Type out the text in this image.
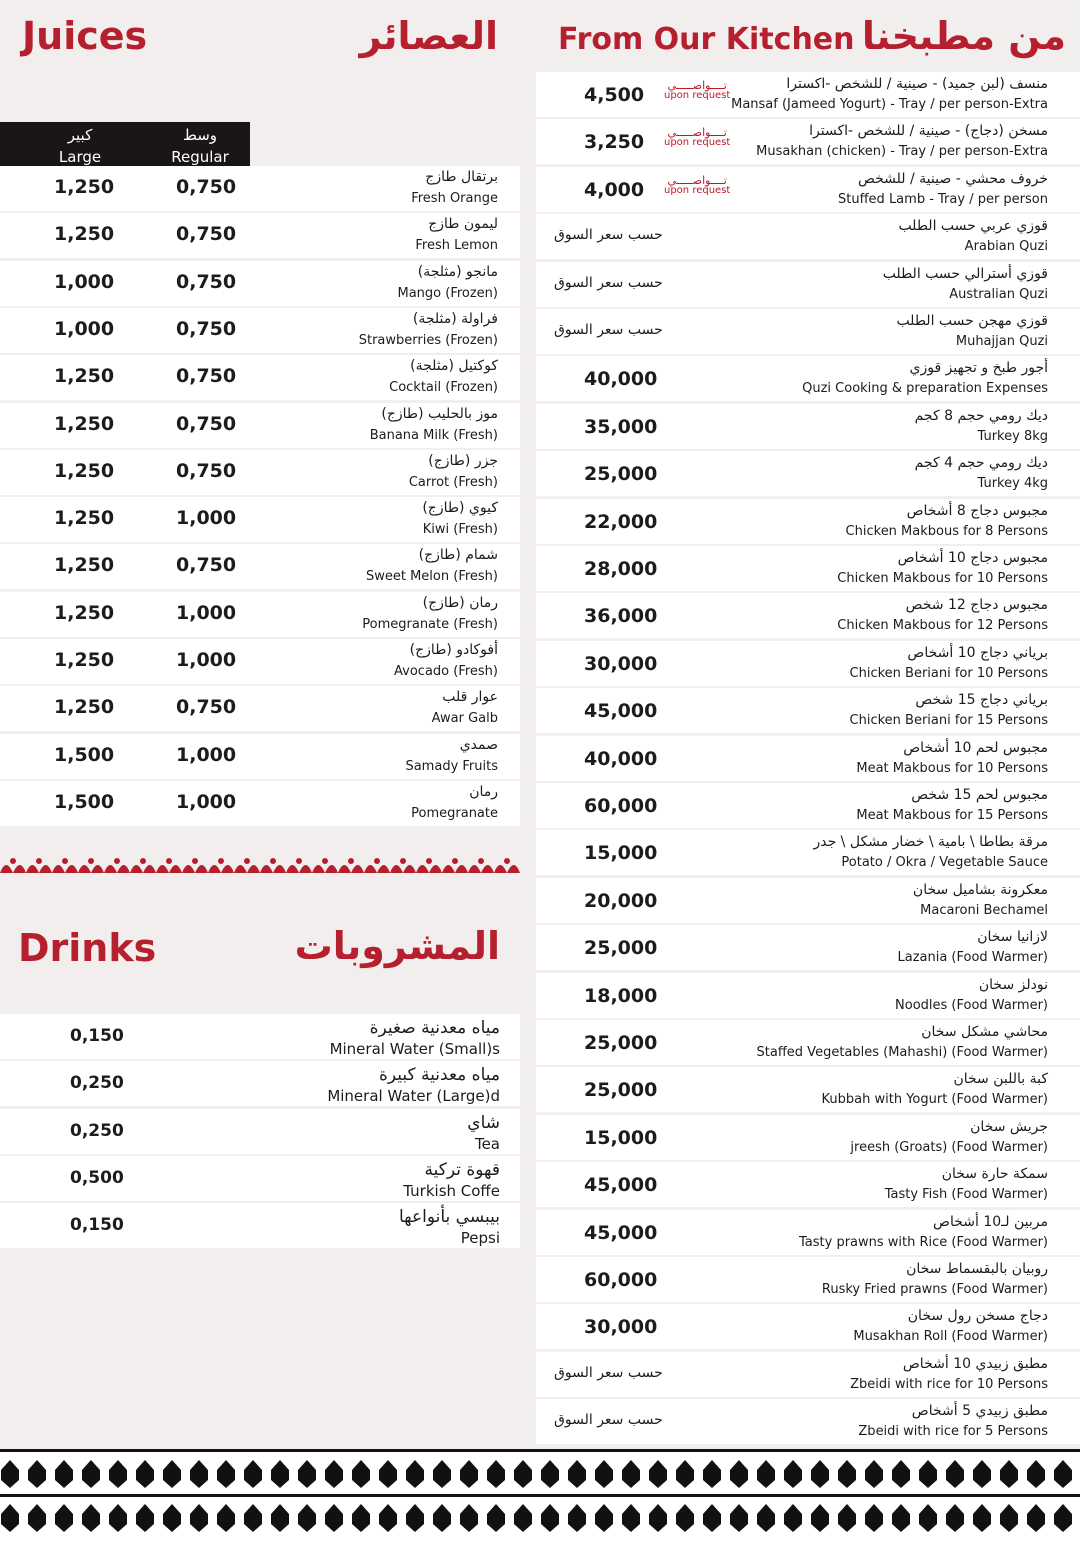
Juices	العصائر From Our Kitchen من مطبخنا
كبير
Large
وسط
Regular
برتقال طازج
Fresh Orange
1,250	0,750
ليمون طازج
Fresh Lemon
1,250	0,750
مانجو (مثلجة)
Mango (Frozen)
1,000	0,750
فراولة (مثلجة)
Strawberries (Frozen)
1,000	0,750
كوكتيل (مثلجة)
Cocktail (Frozen)
1,250	0,750
موز بالحليب (طازج)
Banana Milk (Fresh)
1,250	0,750
جزر (طازج)
Carrot (Fresh)
1,250	0,750
كيوي (طازج)
Kiwi (Fresh)
1,250	1,000
شمام (طازج)
Sweet Melon (Fresh)
1,250	0,750
رمان (طازج)
Pomegranate (Fresh)
1,250	1,000
أفوكادو (طازج)
Avocado (Fresh)
1,250	1,000
عوار قلب
Awar Galb
1,250	0,750
صمدي
Samady Fruits
1,500	1,000
رمان
Pomegranate
1,500	1,000
Drinks	المشروبات
مياه معدنية صغيرة
Mineral Water (Small)s
0,150
مياه معدنية كبيرة
Mineral Water (Large)d
0,250
شاي
Tea
0,250
قهوة تركية
Turkish Coffe
0,500
بيبسي بأنواعها
Pepsi
0,150
منسف (لبن جميد) - صينية / للشخص -اكسترا
Mansaf (Jameed Yogurt) - Tray / per person-Extra
4,500	تــــواصـــــي
upon request
مسخن (دجاج) - صينية / للشخص -اكسترا
Musakhan (chicken) - Tray / per person-Extra
3,250	تــــواصـــــي
upon request
خروف محشي - صينية / للشخص
Stuffed Lamb - Tray / per person
4,000	تــــواصـــــي
upon request
قوزي عربي حسب الطلب
Arabian Quzi
حسب سعر السوق
قوزي أسترالي حسب الطلب
Australian Quzi
حسب سعر السوق
قوزي مهجن حسب الطلب
Muhajjan Quzi
حسب سعر السوق
أجور طبخ و تجهيز قوزي
Quzi Cooking & preparation Expenses
40,000
ديك رومي حجم 8 كجم
Turkey 8kg
35,000
ديك رومي حجم 4 كجم
Turkey 4kg
25,000
مجبوس دجاج 8 أشخاص
Chicken Makbous for 8 Persons
22,000
مجبوس دجاج 10 أشخاص
Chicken Makbous for 10 Persons
28,000
مجبوس دجاج 12 شخص
Chicken Makbous for 12 Persons
36,000
برياني دجاج 10 أشخاص
Chicken Beriani for 10 Persons
30,000
برياني دجاج 15 شخص
Chicken Beriani for 15 Persons
45,000
مجبوس لحم 10 أشخاص
Meat Makbous for 10 Persons
40,000
مجبوس لحم 15 شخص
Meat Makbous for 15 Persons
60,000
مرقة بطاطا \ بامية \ خضار مشكل \ جدر
Potato / Okra / Vegetable Sauce
15,000
معكرونة بشاميل سخان
Macaroni Bechamel
20,000
لازانيا سخان
Lazania (Food Warmer)
25,000
نودلز سخان
Noodles (Food Warmer)
18,000
محاشي مشكل سخان
Staffed Vegetables (Mahashi) (Food Warmer)
25,000
كبة باللبن سخان
Kubbah with Yogurt (Food Warmer)
25,000
جريش سخان
jreesh (Groats) (Food Warmer)
15,000
سمكة حارة سخان
Tasty Fish (Food Warmer)
45,000
مربين لـ10 أشخاص
Tasty prawns with Rice (Food Warmer)
45,000
روبيان بالبقسماط سخان
Rusky Fried prawns (Food Warmer)
60,000
دجاج مسخن رول سخان
Musakhan Roll (Food Warmer)
30,000
مطبق زبيدي 10 أشخاص
Zbeidi with rice for 10 Persons
حسب سعر السوق
مطبق زبيدي 5 أشخاص
Zbeidi with rice for 5 Persons
حسب سعر السوق
